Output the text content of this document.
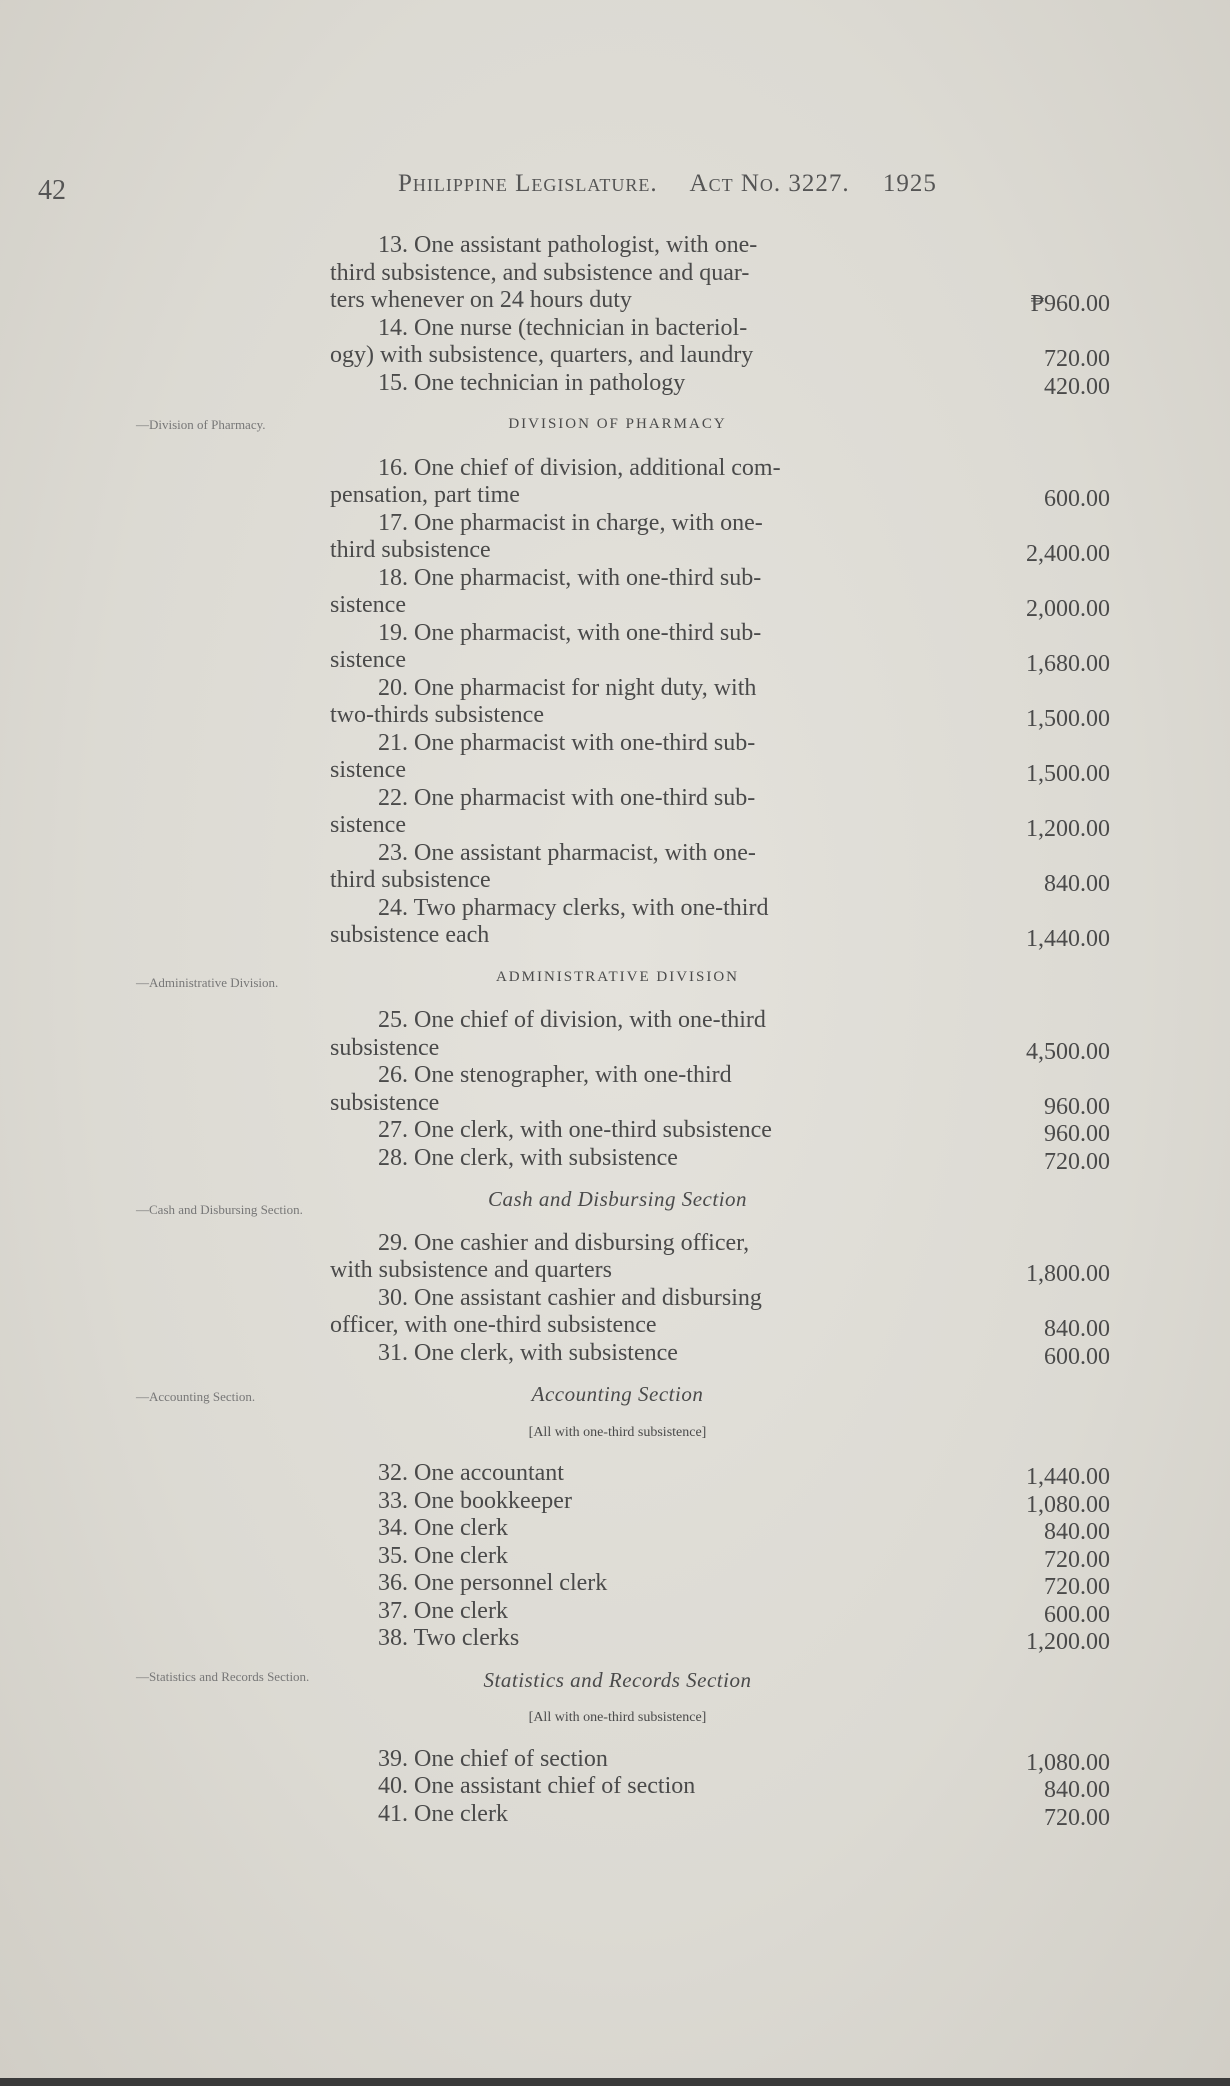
42	Philippine Legislature. Act No. 3227. 1925
—Division of Pharmacy.
—Administrative Division.
—Cash and Disbursing Section.
—Accounting Section.
—Statistics and Records Section.
13. One assistant pathologist, with one-
third subsistence, and subsistence and quar-
ters whenever on 24 hours duty	₱960.00
14. One nurse (technician in bacteriol-
ogy) with subsistence, quarters, and laundry	720.00
15. One technician in pathology	420.00
DIVISION OF PHARMACY
16. One chief of division, additional com-
pensation, part time	600.00
17. One pharmacist in charge, with one-
third subsistence	2,400.00
18. One pharmacist, with one-third sub-
sistence	2,000.00
19. One pharmacist, with one-third sub-
sistence	1,680.00
20. One pharmacist for night duty, with
two-thirds subsistence	1,500.00
21. One pharmacist with one-third sub-
sistence	1,500.00
22. One pharmacist with one-third sub-
sistence	1,200.00
23. One assistant pharmacist, with one-
third subsistence	840.00
24. Two pharmacy clerks, with one-third
subsistence each	1,440.00
ADMINISTRATIVE DIVISION
25. One chief of division, with one-third
subsistence	4,500.00
26. One stenographer, with one-third
subsistence	960.00
27. One clerk, with one-third subsistence	960.00
28. One clerk, with subsistence	720.00
Cash and Disbursing Section
29. One cashier and disbursing officer,
with subsistence and quarters	1,800.00
30. One assistant cashier and disbursing
officer, with one-third subsistence	840.00
31. One clerk, with subsistence	600.00
Accounting Section
[All with one-third subsistence]
32. One accountant	1,440.00
33. One bookkeeper	1,080.00
34. One clerk	840.00
35. One clerk	720.00
36. One personnel clerk	720.00
37. One clerk	600.00
38. Two clerks	1,200.00
Statistics and Records Section
[All with one-third subsistence]
39. One chief of section	1,080.00
40. One assistant chief of section	840.00
41. One clerk	720.00
